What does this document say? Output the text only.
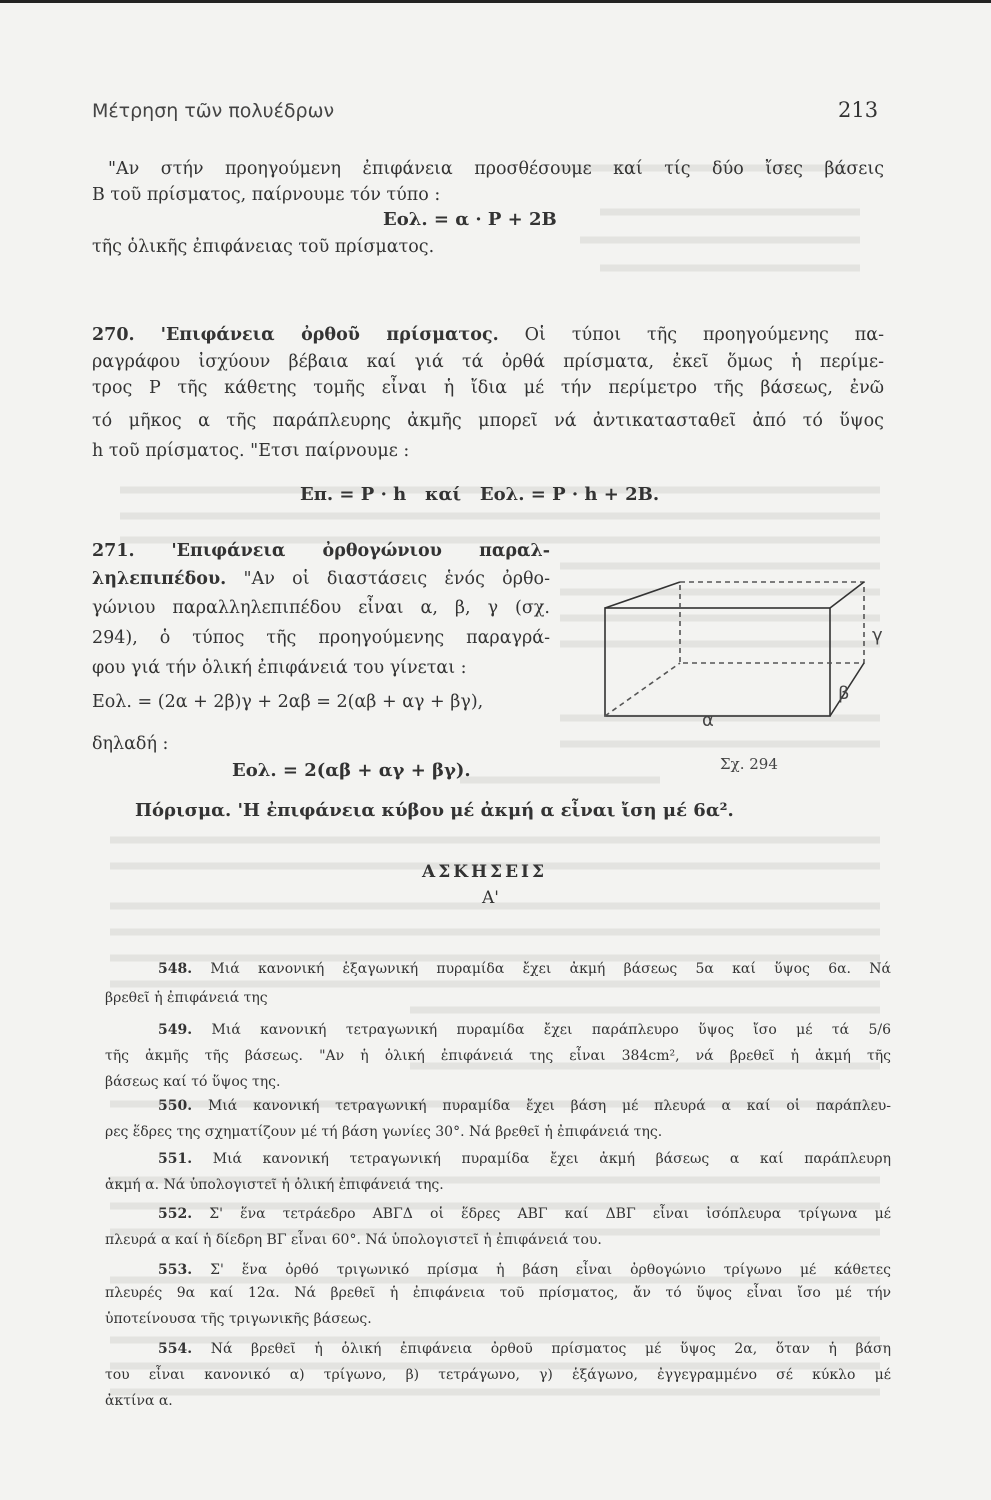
Μέτρηση τῶν πολυέδρων	213
"Αν στήν προηγούμενη ἐπιφάνεια προσθέσουμε καί τίς δύο ἴσες βάσεις
Β τοῦ πρίσματος, παίρνουμε τόν τύπο :
Εολ. = α · Ρ + 2Β
τῆς ὁλικῆς ἐπιφάνειας τοῦ πρίσματος.
270. 'Επιφάνεια ὀρθοῦ πρίσματος. Οἱ τύποι τῆς προηγούμενης πα-
ραγράφου ἰσχύουν βέβαια καί γιά τά ὀρθά πρίσματα, ἐκεῖ ὅμως ἡ περίμε-
τρος Ρ τῆς κάθετης τομῆς εἶναι ἡ ἴδια μέ τήν περίμετρο τῆς βάσεως, ἐνῶ
τό μῆκος α τῆς παράπλευρης ἀκμῆς μπορεῖ νά ἀντικατασταθεῖ ἀπό τό ὕψος
h τοῦ πρίσματος. "Ετσι παίρνουμε :
Επ. = Ρ · h   καί   Εολ. = Ρ · h + 2Β.
271. 'Επιφάνεια ὀρθογώνιου παραλ-
ληλεπιπέδου. "Αν οἱ διαστάσεις ἑνός ὀρθο-
γώνιου παραλληλεπιπέδου εἶναι α, β, γ (σχ.
294), ὁ τύπος τῆς προηγούμενης παραγρά-
φου γιά τήν ὁλική ἐπιφάνειά του γίνεται :
Εολ. = (2α + 2β)γ + 2αβ = 2(αβ + αγ + βγ),
δηλαδή :
Εολ. = 2(αβ + αγ + βγ).
α
β
γ
Σχ. 294
Πόρισμα. 'Η ἐπιφάνεια κύβου μέ ἀκμή α εἶναι ἴση μέ 6α².
ΑΣΚΗΣΕΙΣ
Α'
548. Μιά κανονική ἑξαγωνική πυραμίδα ἔχει ἀκμή βάσεως 5α καί ὕψος 6α. Νά
βρεθεῖ ἡ ἐπιφάνειά της
549. Μιά κανονική τετραγωνική πυραμίδα ἔχει παράπλευρο ὕψος ἴσο μέ τά 5/6
τῆς ἀκμῆς τῆς βάσεως. "Αν ἡ ὁλική ἐπιφάνειά της εἶναι 384cm², νά βρεθεῖ ἡ ἀκμή τῆς
βάσεως καί τό ὕψος της.
550. Μιά κανονική τετραγωνική πυραμίδα ἔχει βάση μέ πλευρά α καί οἱ παράπλευ-
ρες ἕδρες της σχηματίζουν μέ τή βάση γωνίες 30°. Νά βρεθεῖ ἡ ἐπιφάνειά της.
551. Μιά κανονική τετραγωνική πυραμίδα ἔχει ἀκμή βάσεως α καί παράπλευρη
ἀκμή α. Νά ὑπολογιστεῖ ἡ ὁλική ἐπιφάνειά της.
552. Σ' ἕνα τετράεδρο ΑΒΓΔ οἱ ἕδρες ΑΒΓ καί ΔΒΓ εἶναι ἰσόπλευρα τρίγωνα μέ
πλευρά α καί ἡ δίεδρη ΒΓ εἶναι 60°. Νά ὑπολογιστεῖ ἡ ἐπιφάνειά του.
553. Σ' ἕνα ὀρθό τριγωνικό πρίσμα ἡ βάση εἶναι ὀρθογώνιο τρίγωνο μέ κάθετες
πλευρές 9α καί 12α. Νά βρεθεῖ ἡ ἐπιφάνεια τοῦ πρίσματος, ἄν τό ὕψος εἶναι ἴσο μέ τήν
ὑποτείνουσα τῆς τριγωνικῆς βάσεως.
554. Νά βρεθεῖ ἡ ὁλική ἐπιφάνεια ὀρθοῦ πρίσματος μέ ὕψος 2α, ὅταν ἡ βάση
του εἶναι κανονικό α) τρίγωνο, β) τετράγωνο, γ) ἑξάγωνο, ἐγγεγραμμένο σέ κύκλο μέ
ἀκτίνα α.
